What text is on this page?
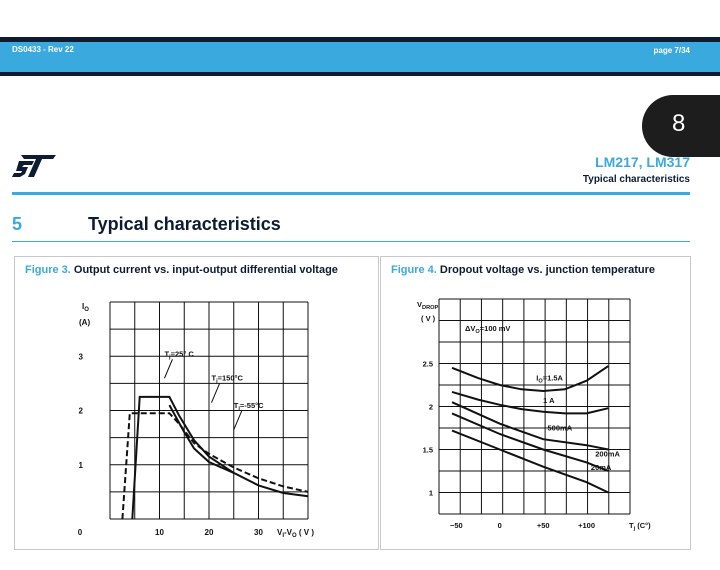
DS0433 - Rev 22	page 7/34
8
LM217, LM317
Typical characteristics
5	Typical characteristics
Figure 3. Output current vs. input-output differential voltage
0	10	20	30
1
2
3
$I_O$
(A)
$V_I-V_O$ ( V )
$T_j=25^\circ$ C
$T_j=150^\circ C$
$T_j=-55^\circ C$
Figure 4. Dropout voltage vs. junction temperature
−50	0	+50	+100
1
1.5
2
2.5
$V_{DROP}$
( V )
$T_j$ (C°)
$\Delta V_O=100$ mV
$I_O=1.5A$
1 A
500mA
200mA
20mA
